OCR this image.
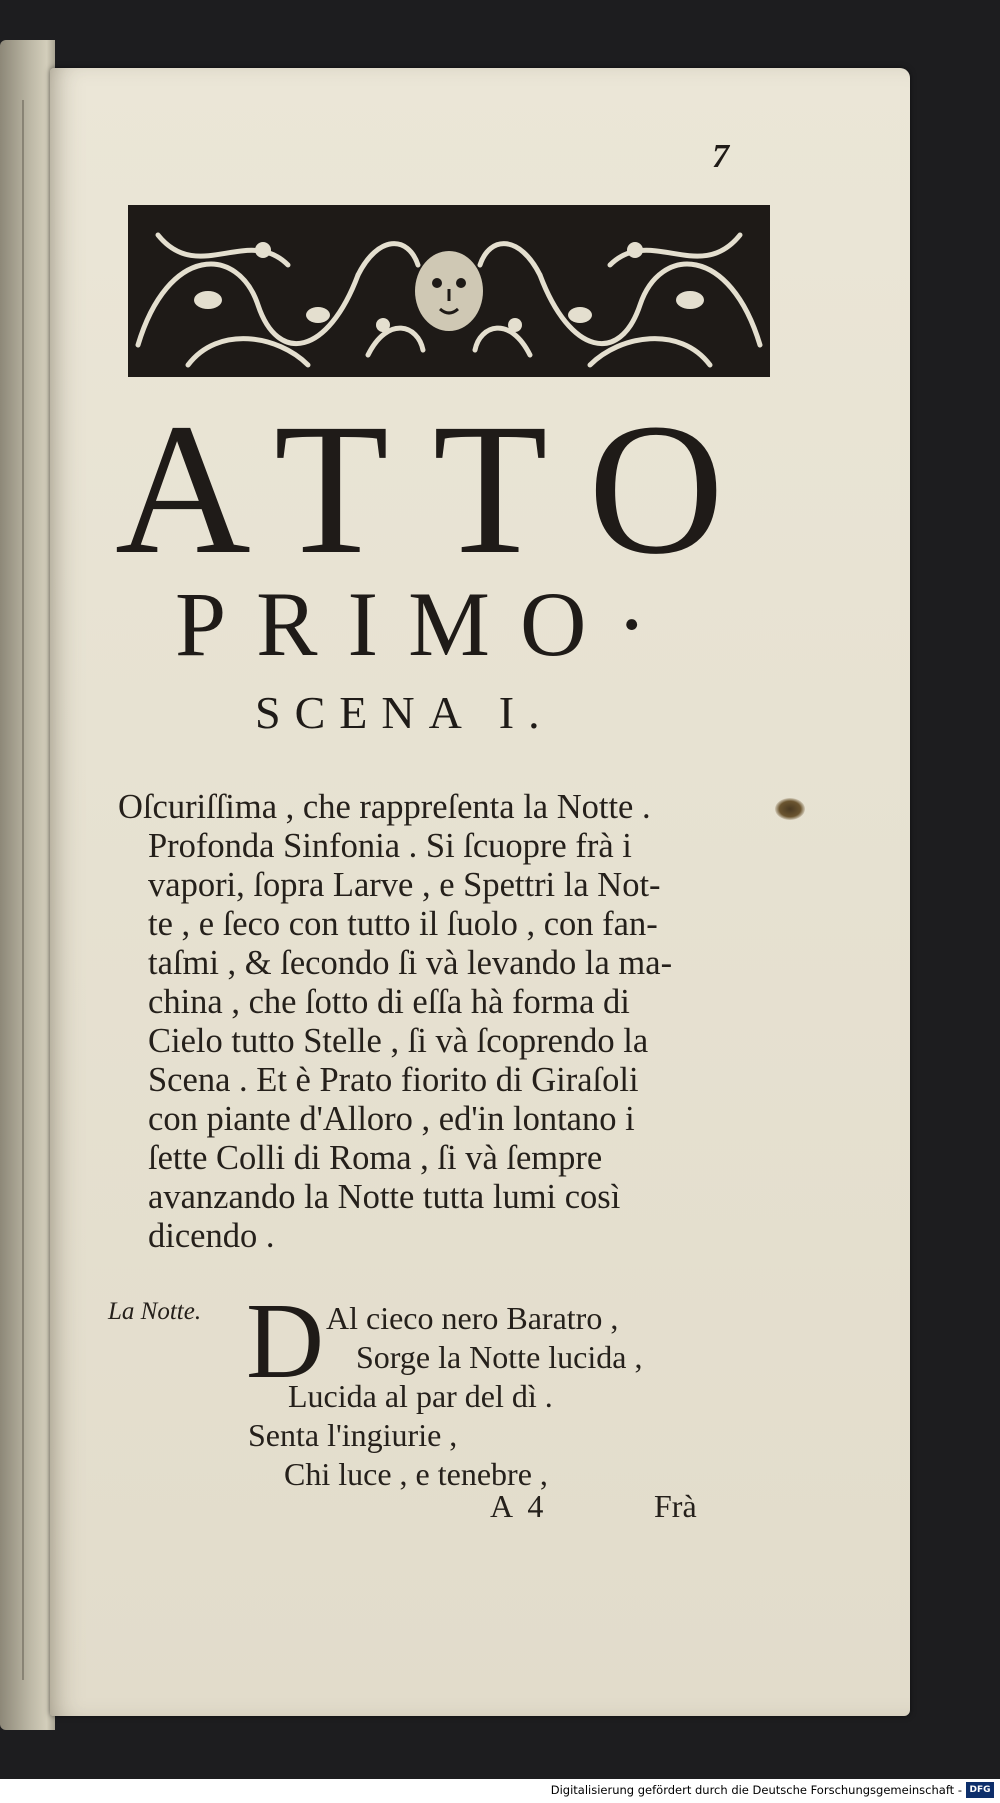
7
ATTO
PRIMO·
SCENA I.
Oſcuriſſima , che rappreſenta la Notte .
Profonda Sinfonia . Si ſcuopre frà i
vapori, ſopra Larve , e Spettri la Not-
te , e ſeco con tutto il ſuolo , con fan-
taſmi , & ſecondo ſi và levando la ma-
china , che ſotto di eſſa hà forma di
Cielo tutto Stelle , ſi và ſcoprendo la
Scena . Et è Prato fiorito di Giraſoli
con piante d'Alloro , ed'in lontano i
ſette Colli di Roma , ſi và ſempre
avanzando la Notte tutta lumi così
dicendo .
La Notte. D Al cieco nero Baratro ,
Sorge la Notte lucida ,
Lucida al par del dì .
Senta l'ingiurie ,
Chi luce , e tenebre ,
A 4	Frà
Digitalisierung gefördert durch die Deutsche Forschungsgemeinschaft - DFG
